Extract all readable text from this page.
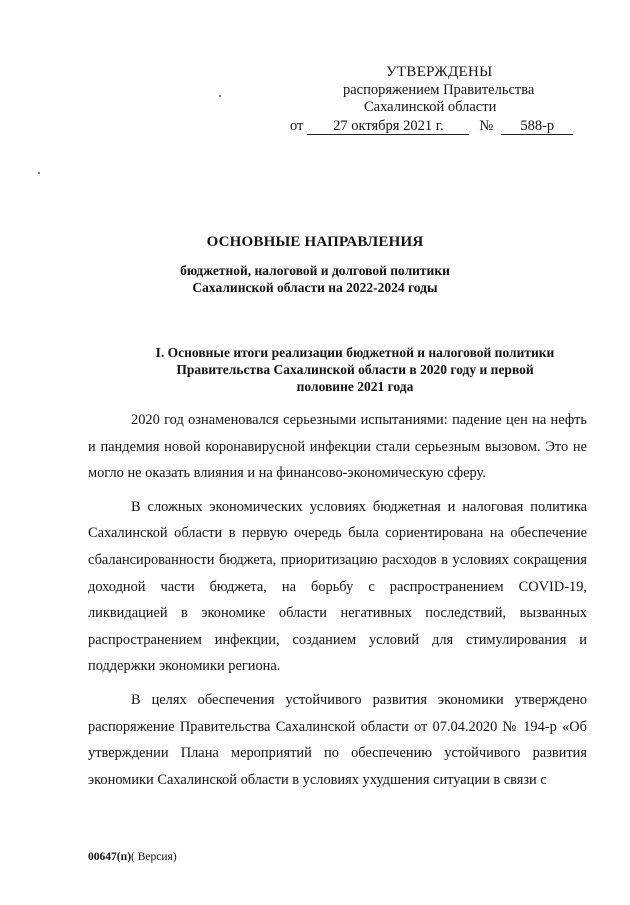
УТВЕРЖДЕНЫ
распоряжением Правительства
Сахалинской области
от	27 октября 2021 г.	№	588-р
ОСНОВНЫЕ НАПРАВЛЕНИЯ
бюджетной, налоговой и долговой политики
Сахалинской области на 2022-2024 годы
I. Основные итоги реализации бюджетной и налоговой политики
Правительства Сахалинской области в 2020 году и первой
половине 2021 года

2020 год ознаменовался серьезными испытаниями: падение цен на нефть и пандемия новой коронавирусной инфекции стали серьезным вызовом. Это не могло не оказать влияния и на финансово-экономическую сферу.

В сложных экономических условиях бюджетная и налоговая политика Сахалинской области в первую очередь была сориентирована на обеспечение сбалансированности бюджета, приоритизацию расходов в условиях сокращения доходной части бюджета, на борьбу с распространением COVID-19, ликвидацией в экономике области негативных последствий, вызванных распространением инфекции, созданием условий для стимулирования и поддержки экономики региона.

В целях обеспечения устойчивого развития экономики утверждено распоряжение Правительства Сахалинской области от 07.04.2020 № 194-р «Об утверждении Плана мероприятий по обеспечению устойчивого развития экономики Сахалинской области в условиях ухудшения ситуации в связи с

00647(п)( Версия)
